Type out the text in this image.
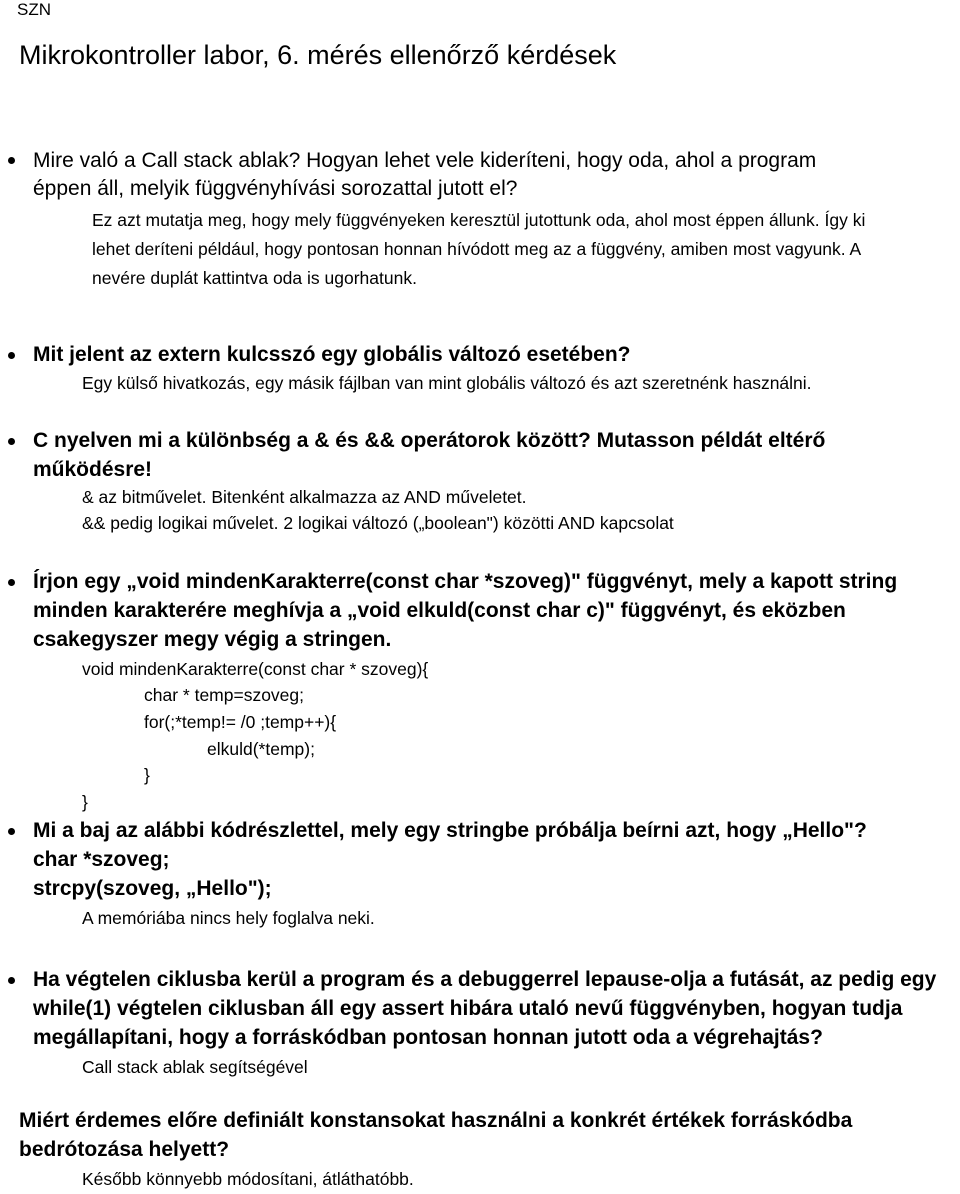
SZN
Mikrokontroller labor, 6. mérés ellenőrző kérdések
Mire való a Call stack ablak? Hogyan lehet vele kideríteni, hogy oda, ahol a program
éppen áll, melyik függvényhívási sorozattal jutott el?
Ez azt mutatja meg, hogy mely függvényeken keresztül jutottunk oda, ahol most éppen állunk. Így ki
lehet deríteni például, hogy pontosan honnan hívódott meg az a függvény, amiben most vagyunk. A
nevére duplát kattintva oda is ugorhatunk.
Mit jelent az extern kulcsszó egy globális változó esetében?
Egy külső hivatkozás, egy másik fájlban van mint globális változó és azt szeretnénk használni.
C nyelven mi a különbség a & és && operátorok között? Mutasson példát eltérő
működésre!
& az bitművelet. Bitenként alkalmazza az AND műveletet.
&& pedig logikai művelet. 2 logikai változó („boolean") közötti AND kapcsolat
Írjon egy „void mindenKarakterre(const char *szoveg)" függvényt, mely a kapott string
minden karakterére meghívja a „void elkuld(const char c)" függvényt, és eközben
csakegyszer megy végig a stringen.
void mindenKarakterre(const char * szoveg){
char * temp=szoveg;
for(;*temp!= /0 ;temp++){
elkuld(*temp);
}
}
Mi a baj az alábbi kódrészlettel, mely egy stringbe próbálja beírni azt, hogy „Hello"?
char *szoveg;
strcpy(szoveg, „Hello");
A memóriába nincs hely foglalva neki.
Ha végtelen ciklusba kerül a program és a debuggerrel lepause-olja a futását, az pedig egy
while(1) végtelen ciklusban áll egy assert hibára utaló nevű függvényben, hogyan tudja
megállapítani, hogy a forráskódban pontosan honnan jutott oda a végrehajtás?
Call stack ablak segítségével
Miért érdemes előre definiált konstansokat használni a konkrét értékek forráskódba
bedrótozása helyett?
Később könnyebb módosítani, átláthatóbb.
